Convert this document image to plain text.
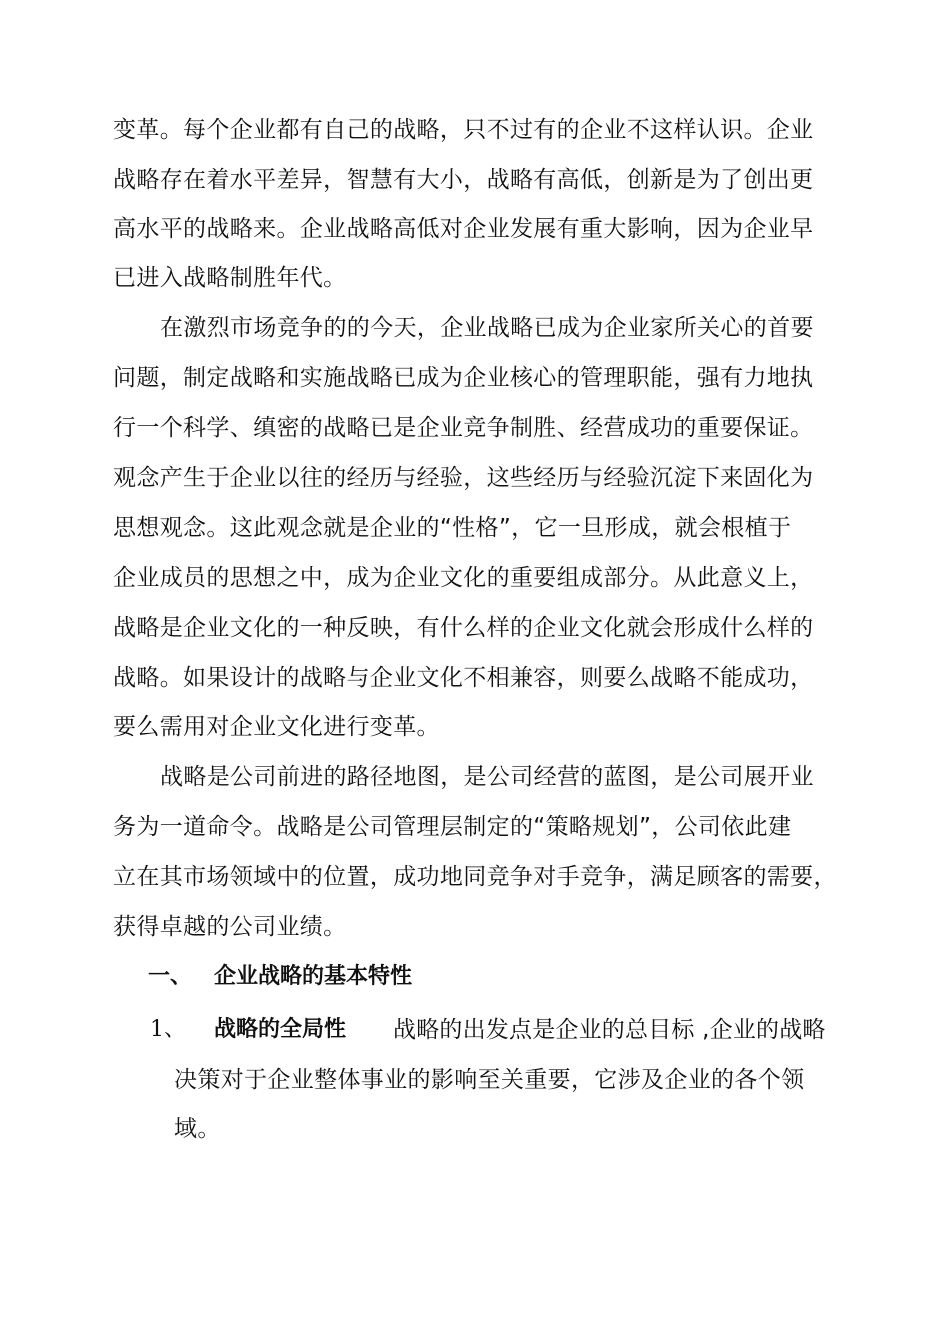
变革。每个企业都有自己的战略，只不过有的企业不这样认识。企业
战略存在着水平差异，智慧有大小，战略有高低，创新是为了创出更
高水平的战略来。企业战略高低对企业发展有重大影响，因为企业早
已进入战略制胜年代。
在激烈市场竞争的的今天，企业战略已成为企业家所关心的首要
问题，制定战略和实施战略已成为企业核心的管理职能，强有力地执
行一个科学、缜密的战略已是企业竞争制胜、经营成功的重要保证。
观念产生于企业以往的经历与经验，这些经历与经验沉淀下来固化为
思想观念。这此观念就是企业的“性格”，它一旦形成，就会根植于
企业成员的思想之中，成为企业文化的重要组成部分。从此意义上，
战略是企业文化的一种反映，有什么样的企业文化就会形成什么样的
战略。如果设计的战略与企业文化不相兼容，则要么战略不能成功，
要么需用对企业文化进行变革。
战略是公司前进的路径地图，是公司经营的蓝图，是公司展开业
务为一道命令。战略是公司管理层制定的“策略规划”，公司依此建
立在其市场领域中的位置，成功地同竞争对手竞争，满足顾客的需要，
获得卓越的公司业绩。
一、 企业战略的基本特性
1、 战略的全局性 战略的出发点是企业的总目标 ,企业的战略
决策对于企业整体事业的影响至关重要，它涉及企业的各个领
域。
